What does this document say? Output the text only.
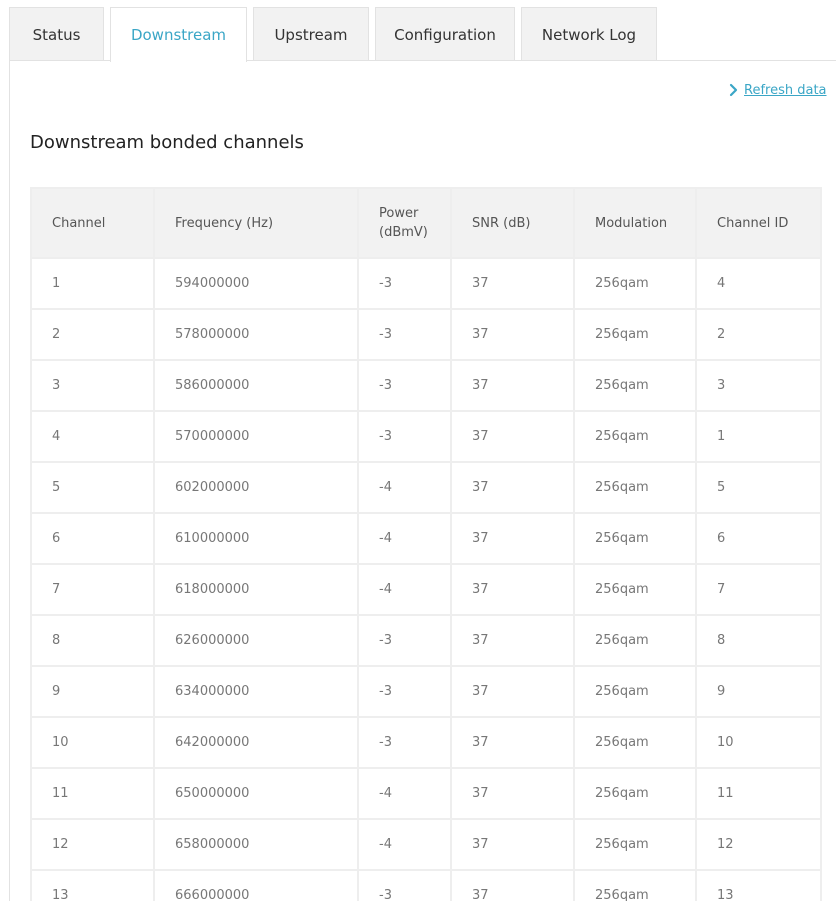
Status	Downstream	Upstream	Configuration	Network Log
Refresh data
Downstream bonded channels
Channel	Frequency (Hz)	Power (dBmV)	SNR (dB)	Modulation	Channel ID
1	594000000	-3	37	256qam	4
2	578000000	-3	37	256qam	2
3	586000000	-3	37	256qam	3
4	570000000	-3	37	256qam	1
5	602000000	-4	37	256qam	5
6	610000000	-4	37	256qam	6
7	618000000	-4	37	256qam	7
8	626000000	-3	37	256qam	8
9	634000000	-3	37	256qam	9
10	642000000	-3	37	256qam	10
11	650000000	-4	37	256qam	11
12	658000000	-4	37	256qam	12
13	666000000	-3	37	256qam	13
